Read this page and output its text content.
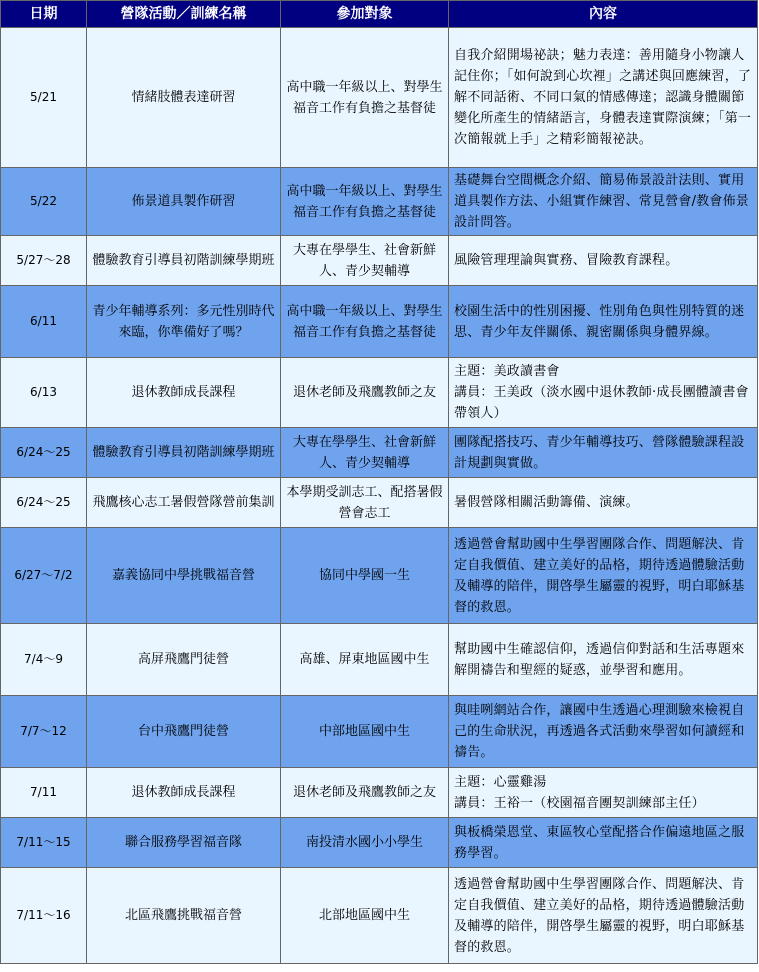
日期	營隊活動／訓練名稱	參加對象	內容
5/21	情緒肢體表達研習	高中職一年級以上、對學生福音工作有負擔之基督徒	自我介紹開場祕訣；魅力表達：善用隨身小物讓人記住你；「如何說到心坎裡」之講述與回應練習，了解不同話術、不同口氣的情感傳達；認識身體關節變化所產生的情緒語言，身體表達實際演練；「第一次簡報就上手」之精彩簡報祕訣。

5/22	佈景道具製作研習	高中職一年級以上、對學生福音工作有負擔之基督徒	基礎舞台空間概念介紹、簡易佈景設計法則、實用道具製作方法、小組實作練習、常見營會/教會佈景設計問答。

5/27～28	體驗教育引導員初階訓練學期班	大專在學學生、社會新鮮人、青少契輔導	風險管理理論與實務、冒險教育課程。

6/11	青少年輔導系列：多元性別時代來臨，你準備好了嗎？	高中職一年級以上、對學生福音工作有負擔之基督徒	校園生活中的性別困擾、性別角色與性別特質的迷思、青少年友伴關係、親密關係與身體界線。

6/13	退休教師成長課程	退休老師及飛鷹教師之友	主題：美政讀書會
講員：王美政（淡水國中退休教師‧成長團體讀書會帶領人）

6/24～25	體驗教育引導員初階訓練學期班	大專在學學生、社會新鮮人、青少契輔導	團隊配搭技巧、青少年輔導技巧、營隊體驗課程設計規劃與實做。

6/24～25	飛鷹核心志工暑假營隊營前集訓	本學期受訓志工、配搭暑假營會志工	暑假營隊相關活動籌備、演練。

6/27～7/2	嘉義協同中學挑戰福音營	協同中學國一生	透過營會幫助國中生學習團隊合作、問題解決、肯定自我價值、建立美好的品格，期待透過體驗活動及輔導的陪伴，開啓學生屬靈的視野，明白耶穌基督的救恩。

7/4～9	高屏飛鷹門徒營	高雄、屏東地區國中生	幫助國中生確認信仰，透過信仰對話和生活專題來解開禱告和聖經的疑惑，並學習和應用。

7/7～12	台中飛鷹門徒營	中部地區國中生	與哇咧網站合作，讓國中生透過心理測驗來檢視自己的生命狀況，再透過各式活動來學習如何讀經和禱告。

7/11	退休教師成長課程	退休老師及飛鷹教師之友	主題：心靈雞湯
講員：王裕一（校園福音團契訓練部主任）

7/11～15	聯合服務學習福音隊	南投清水國小小學生	與板橋榮恩堂、東區牧心堂配搭合作偏遠地區之服務學習。

7/11～16	北區飛鷹挑戰福音營	北部地區國中生	透過營會幫助國中生學習團隊合作、問題解決、肯定自我價值、建立美好的品格，期待透過體驗活動及輔導的陪伴，開啓學生屬靈的視野，明白耶穌基督的救恩。
